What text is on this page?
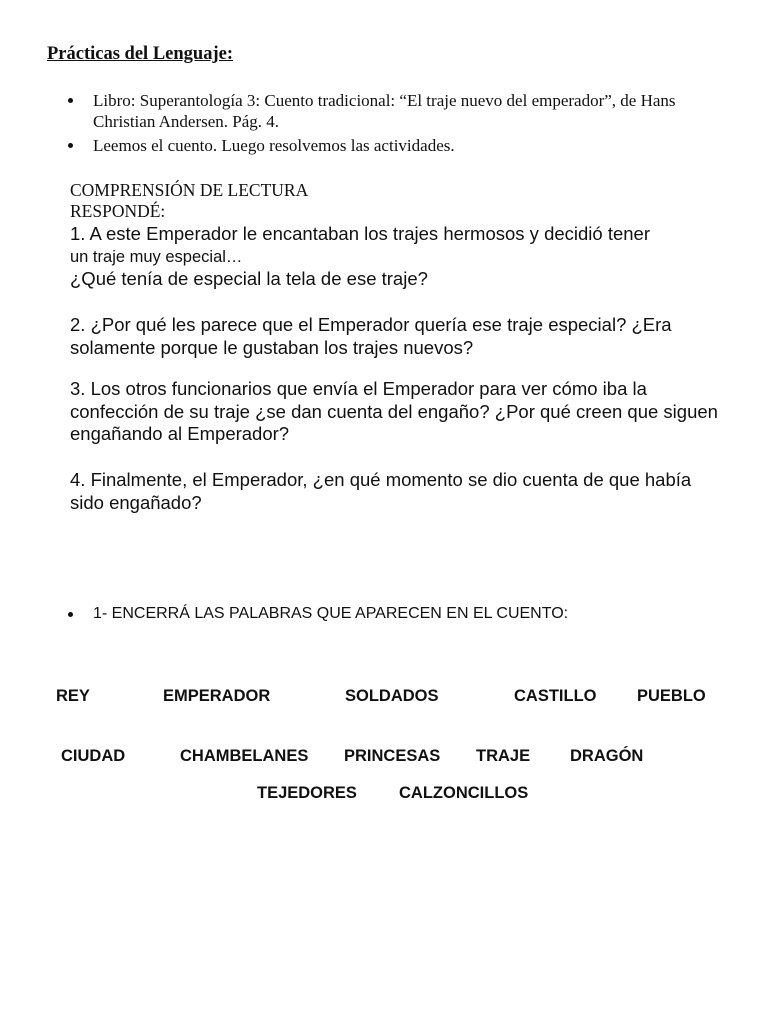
Prácticas del Lenguaje:
Libro: Superantología 3: Cuento tradicional: “El traje nuevo del emperador”, de Hans Christian Andersen. Pág. 4.
Leemos el cuento. Luego resolvemos las actividades.
COMPRENSIÓN DE LECTURA
RESPONDÉ:
1. A este Emperador le encantaban los trajes hermosos y decidió tener
un traje muy especial…
¿Qué tenía de especial la tela de ese traje?
2. ¿Por qué les parece que el Emperador quería ese traje especial? ¿Era solamente porque le gustaban los trajes nuevos?
3. Los otros funcionarios que envía el Emperador para ver cómo iba la confección de su traje ¿se dan cuenta del engaño? ¿Por qué creen que siguen engañando al Emperador?
4. Finalmente, el Emperador, ¿en qué momento se dio cuenta de que había sido engañado?
1- ENCERRÁ LAS PALABRAS QUE APARECEN EN EL CUENTO:
REY	EMPERADOR	SOLDADOS	CASTILLO PUEBLO
CIUDAD	CHAMBELANES PRINCESAS TRAJE DRAGÓN
TEJEDORES	CALZONCILLOS
